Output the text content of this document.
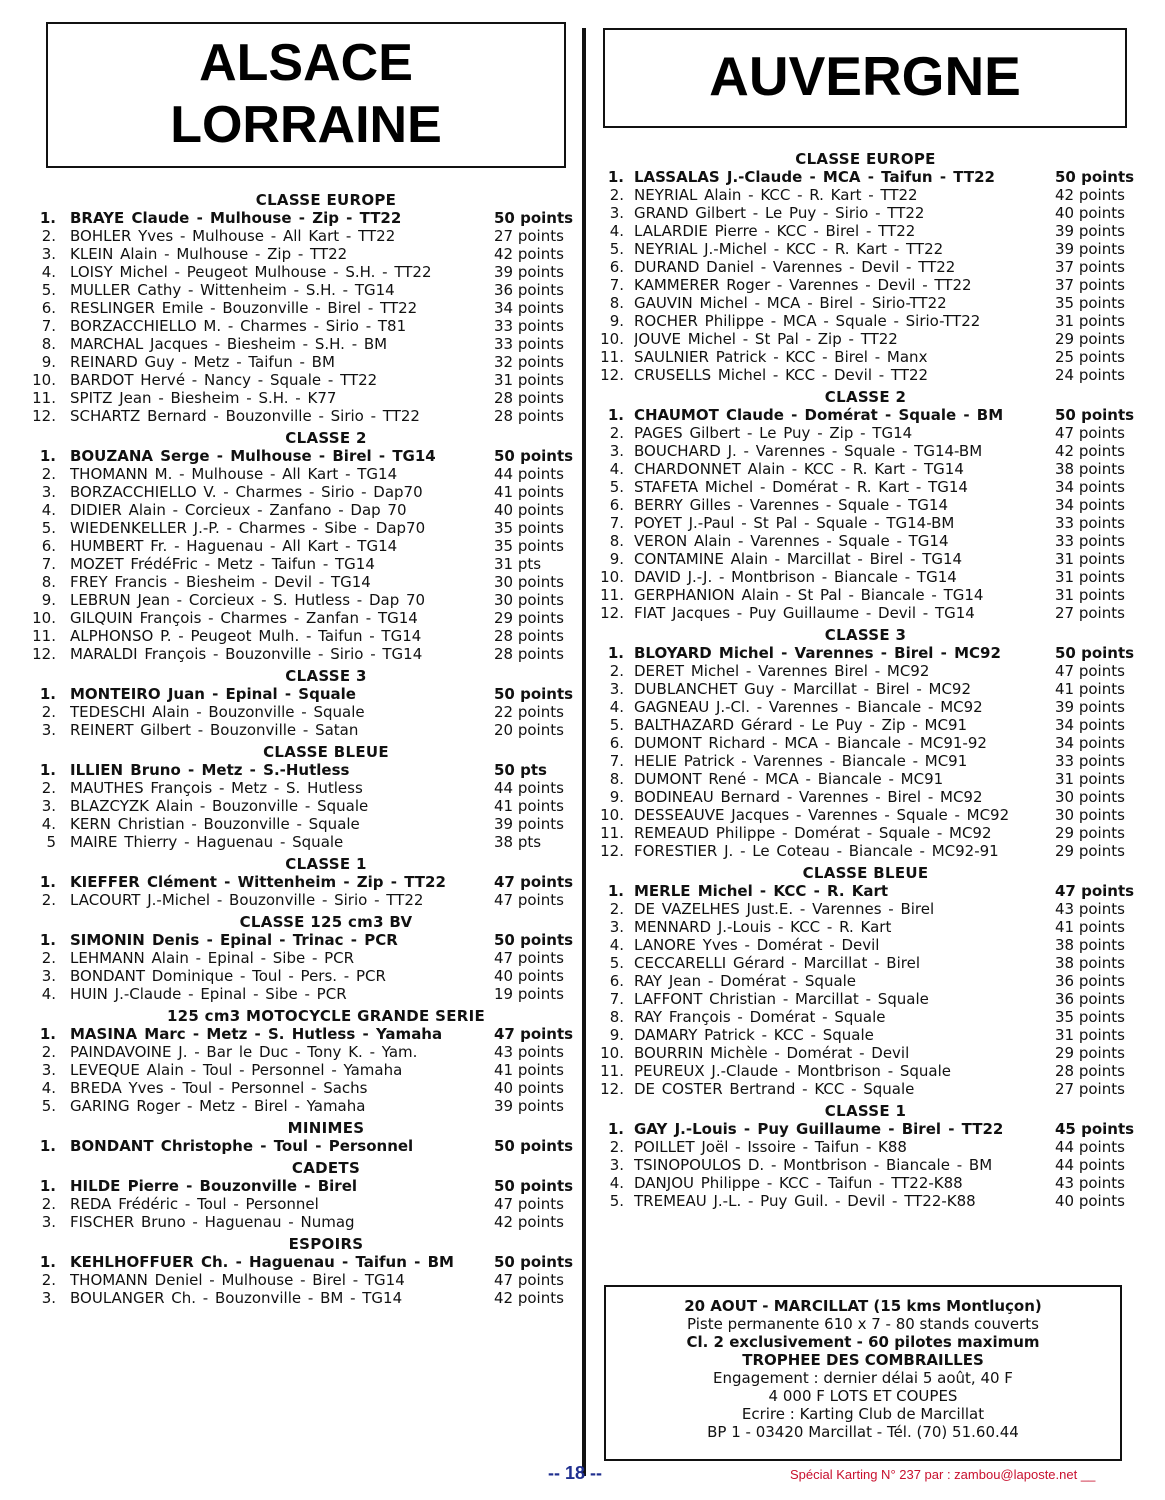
ALSACE
LORRAINE
CLASSE EUROPE
1. BRAYE Claude - Mulhouse - Zip - TT22	50 points
2. BOHLER Yves - Mulhouse - All Kart - TT22	27 points
3. KLEIN Alain - Mulhouse - Zip - TT22	42 points
4. LOISY Michel - Peugeot Mulhouse - S.H. - TT22	39 points
5. MULLER Cathy - Wittenheim - S.H. - TG14	36 points
6. RESLINGER Emile - Bouzonville - Birel - TT22	34 points
7. BORZACCHIELLO M. - Charmes - Sirio - T81	33 points
8. MARCHAL Jacques - Biesheim - S.H. - BM	33 points
9. REINARD Guy - Metz - Taifun - BM	32 points
10. BARDOT Hervé - Nancy - Squale - TT22	31 points
11. SPITZ Jean - Biesheim - S.H. - K77	28 points
12. SCHARTZ Bernard - Bouzonville - Sirio - TT22	28 points
CLASSE 2
1. BOUZANA Serge - Mulhouse - Birel - TG14	50 points
2. THOMANN M. - Mulhouse - All Kart - TG14	44 points
3. BORZACCHIELLO V. - Charmes - Sirio - Dap70	41 points
4. DIDIER Alain - Corcieux - Zanfano - Dap 70	40 points
5. WIEDENKELLER J.-P. - Charmes - Sibe - Dap70	35 points
6. HUMBERT Fr. - Haguenau - All Kart - TG14	35 points
7. MOZET FrédéFric - Metz - Taifun - TG14	31 pts
8. FREY Francis - Biesheim - Devil - TG14	30 points
9. LEBRUN Jean - Corcieux - S. Hutless - Dap 70	30 points
10. GILQUIN François - Charmes - Zanfan - TG14	29 points
11. ALPHONSO P. - Peugeot Mulh. - Taifun - TG14	28 points
12. MARALDI François - Bouzonville - Sirio - TG14	28 points
CLASSE 3
1. MONTEIRO Juan - Epinal - Squale	50 points
2. TEDESCHI Alain - Bouzonville - Squale	22 points
3. REINERT Gilbert - Bouzonville - Satan	20 points
CLASSE BLEUE
1. ILLIEN Bruno - Metz - S.-Hutless	50 pts
2. MAUTHES François - Metz - S. Hutless	44 points
3. BLAZCYZK Alain - Bouzonville - Squale	41 points
4. KERN Christian - Bouzonville - Squale	39 points
5 MAIRE Thierry - Haguenau - Squale	38 pts
CLASSE 1
1. KIEFFER Clément - Wittenheim - Zip - TT22	47 points
2. LACOURT J.-Michel - Bouzonville - Sirio - TT22	47 points
CLASSE 125 cm3 BV
1. SIMONIN Denis - Epinal - Trinac - PCR	50 points
2. LEHMANN Alain - Epinal - Sibe - PCR	47 points
3. BONDANT Dominique - Toul - Pers. - PCR	40 points
4. HUIN J.-Claude - Epinal - Sibe - PCR	19 points
125 cm3 MOTOCYCLE GRANDE SERIE
1. MASINA Marc - Metz - S. Hutless - Yamaha	47 points
2. PAINDAVOINE J. - Bar le Duc - Tony K. - Yam.	43 points
3. LEVEQUE Alain - Toul - Personnel - Yamaha	41 points
4. BREDA Yves - Toul - Personnel - Sachs	40 points
5. GARING Roger - Metz - Birel - Yamaha	39 points
MINIMES
1. BONDANT Christophe - Toul - Personnel	50 points
CADETS
1. HILDE Pierre - Bouzonville - Birel	50 points
2. REDA Frédéric - Toul - Personnel	47 points
3. FISCHER Bruno - Haguenau - Numag	42 points
ESPOIRS
1. KEHLHOFFUER Ch. - Haguenau - Taifun - BM	50 points
2. THOMANN Deniel - Mulhouse - Birel - TG14	47 points
3. BOULANGER Ch. - Bouzonville - BM - TG14	42 points
AUVERGNE
CLASSE EUROPE
1. LASSALAS J.-Claude - MCA - Taifun - TT22	50 points
2. NEYRIAL Alain - KCC - R. Kart - TT22	42 points
3. GRAND Gilbert - Le Puy - Sirio - TT22	40 points
4. LALARDIE Pierre - KCC - Birel - TT22	39 points
5. NEYRIAL J.-Michel - KCC - R. Kart - TT22	39 points
6. DURAND Daniel - Varennes - Devil - TT22	37 points
7. KAMMERER Roger - Varennes - Devil - TT22	37 points
8. GAUVIN Michel - MCA - Birel - Sirio-TT22	35 points
9. ROCHER Philippe - MCA - Squale - Sirio-TT22	31 points
10. JOUVE Michel - St Pal - Zip - TT22	29 points
11. SAULNIER Patrick - KCC - Birel - Manx	25 points
12. CRUSELLS Michel - KCC - Devil - TT22	24 points
CLASSE 2
1. CHAUMOT Claude - Domérat - Squale - BM	50 points
2. PAGES Gilbert - Le Puy - Zip - TG14	47 points
3. BOUCHARD J. - Varennes - Squale - TG14-BM	42 points
4. CHARDONNET Alain - KCC - R. Kart - TG14	38 points
5. STAFETA Michel - Domérat - R. Kart - TG14	34 points
6. BERRY Gilles - Varennes - Squale - TG14	34 points
7. POYET J.-Paul - St Pal - Squale - TG14-BM	33 points
8. VERON Alain - Varennes - Squale - TG14	33 points
9. CONTAMINE Alain - Marcillat - Birel - TG14	31 points
10. DAVID J.-J. - Montbrison - Biancale - TG14	31 points
11. GERPHANION Alain - St Pal - Biancale - TG14	31 points
12. FIAT Jacques - Puy Guillaume - Devil - TG14	27 points
CLASSE 3
1. BLOYARD Michel - Varennes - Birel - MC92	50 points
2. DERET Michel - Varennes Birel - MC92	47 points
3. DUBLANCHET Guy - Marcillat - Birel - MC92	41 points
4. GAGNEAU J.-Cl. - Varennes - Biancale - MC92	39 points
5. BALTHAZARD Gérard - Le Puy - Zip - MC91	34 points
6. DUMONT Richard - MCA - Biancale - MC91-92	34 points
7. HELIE Patrick - Varennes - Biancale - MC91	33 points
8. DUMONT René - MCA - Biancale - MC91	31 points
9. BODINEAU Bernard - Varennes - Birel - MC92	30 points
10. DESSEAUVE Jacques - Varennes - Squale - MC92	30 points
11. REMEAUD Philippe - Domérat - Squale - MC92	29 points
12. FORESTIER J. - Le Coteau - Biancale - MC92-91	29 points
CLASSE BLEUE
1. MERLE Michel - KCC - R. Kart	47 points
2. DE VAZELHES Just.E. - Varennes - Birel	43 points
3. MENNARD J.-Louis - KCC - R. Kart	41 points
4. LANORE Yves - Domérat - Devil	38 points
5. CECCARELLI Gérard - Marcillat - Birel	38 points
6. RAY Jean - Domérat - Squale	36 points
7. LAFFONT Christian - Marcillat - Squale	36 points
8. RAY François - Domérat - Squale	35 points
9. DAMARY Patrick - KCC - Squale	31 points
10. BOURRIN Michèle - Domérat - Devil	29 points
11. PEUREUX J.-Claude - Montbrison - Squale	28 points
12. DE COSTER Bertrand - KCC - Squale	27 points
CLASSE 1
1. GAY J.-Louis - Puy Guillaume - Birel - TT22	45 points
2. POILLET Joël - Issoire - Taifun - K88	44 points
3. TSINOPOULOS D. - Montbrison - Biancale - BM	44 points
4. DANJOU Philippe - KCC - Taifun - TT22-K88	43 points
5. TREMEAU J.-L. - Puy Guil. - Devil - TT22-K88	40 points
20 AOUT - MARCILLAT (15 kms Montluçon)
Piste permanente 610 x 7 - 80 stands couverts
Cl. 2 exclusivement - 60 pilotes maximum
TROPHEE DES COMBRAILLES
Engagement : dernier délai 5 août, 40 F
4 000 F LOTS ET COUPES
Ecrire : Karting Club de Marcillat
BP 1 - 03420 Marcillat - Tél. (70) 51.60.44
-- 18 --	Spécial Karting N° 237 par : zambou@laposte.net __
